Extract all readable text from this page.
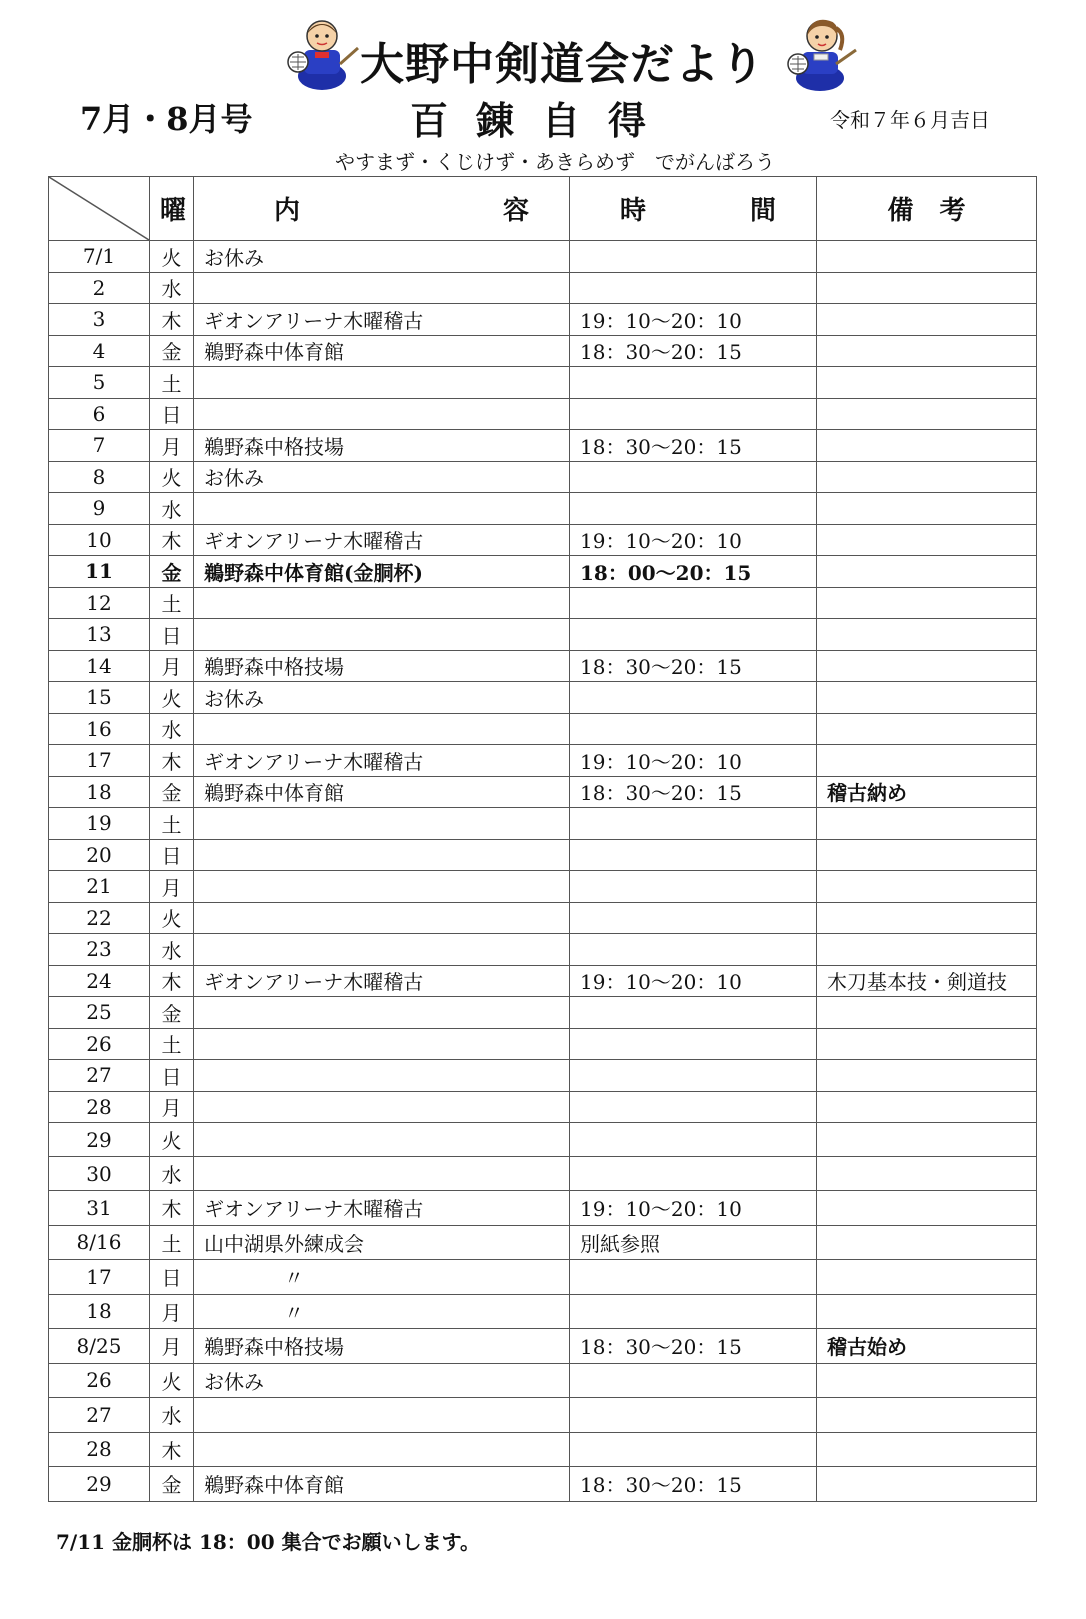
大野中剣道会だより
7月・8月号	百錬自得	令和７年６月吉日
やすまず・くじけず・あきらめず　でがんばろう
	曜	内 容	時 間	備　考
7/1	火	お休み		
2	水			
3	木	ギオンアリーナ木曜稽古	19：10〜20：10	
4	金	鵜野森中体育館	18：30〜20：15	
5	土			
6	日			
7	月	鵜野森中格技場	18：30〜20：15	
8	火	お休み		
9	水			
10	木	ギオンアリーナ木曜稽古	19：10〜20：10	
11	金	鵜野森中体育館(金胴杯)	18：00〜20：15	
12	土			
13	日			
14	月	鵜野森中格技場	18：30〜20：15	
15	火	お休み		
16	水			
17	木	ギオンアリーナ木曜稽古	19：10〜20：10	
18	金	鵜野森中体育館	18：30〜20：15	稽古納め
19	土			
20	日			
21	月			
22	火			
23	水			
24	木	ギオンアリーナ木曜稽古	19：10〜20：10	木刀基本技・剣道技
25	金			
26	土			
27	日			
28	月			
29	火			
30	水			
31	木	ギオンアリーナ木曜稽古	19：10〜20：10	
8/16	土	山中湖県外練成会	別紙参照	
17	日	　　　　〃		
18	月	　　　　〃		
8/25	月	鵜野森中格技場	18：30〜20：15	稽古始め
26	火	お休み		
27	水			
28	木			
29	金	鵜野森中体育館	18：30〜20：15	
7/11 金胴杯は 18：00 集合でお願いします。
